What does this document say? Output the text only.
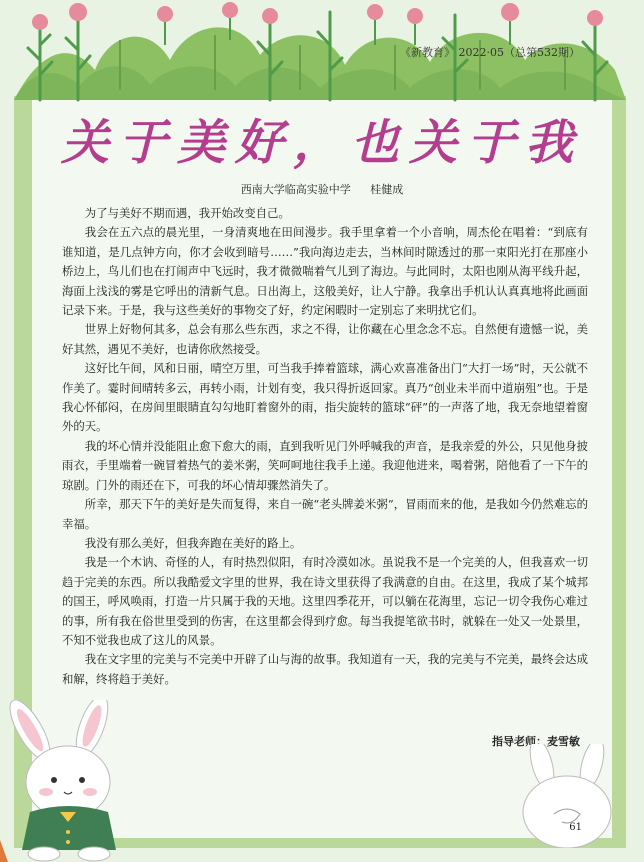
《新教育》 2022·05（总第532期）
关于美好，也关于我
西南大学临高实验中学 桂健成

为了与美好不期而遇，我开始改变自己。

我会在五六点的晨光里，一身清爽地在田间漫步。我手里拿着一个小音响，周杰伦在唱着：“到底有谁知道，是几点钟方向，你才会收到暗号……”我向海边走去，当林间时隙透过的那一束阳光打在那座小桥边上，鸟儿们也在打闹声中飞远时，我才微微喘着气儿到了海边。与此同时，太阳也刚从海平线升起，海面上浅浅的雾是它呼出的清新气息。日出海上，这般美好，让人宁静。我拿出手机认认真真地将此画面记录下来。于是，我与这些美好的事物交了好，约定闲暇时一定别忘了来明扰它们。

世界上好物何其多，总会有那么些东西，求之不得，让你藏在心里念念不忘。自然便有遗憾一说，美好其然，遇见不美好，也请你欣然接受。

这好比午间，风和日丽，晴空万里，可当我手捧着篮球，满心欢喜准备出门“大打一场”时，天公就不作美了。霎时间晴转多云，再转小雨，计划有变，我只得折返回家。真乃“创业未半而中道崩殂”也。于是我心怀郁闷，在房间里眼睛直勾勾地盯着窗外的雨，指尖旋转的篮球“砰”的一声落了地，我无奈地望着窗外的天。

我的坏心情并没能阻止愈下愈大的雨，直到我听见门外呼喊我的声音，是我亲爱的外公，只见他身披雨衣，手里端着一碗冒着热气的姜米粥，笑呵呵地往我手上递。我迎他进来，喝着粥，陪他看了一下午的琼剧。门外的雨还在下，可我的坏心情却骤然消失了。

所幸，那天下午的美好是失而复得，来自一碗“老头牌姜米粥”，冒雨而来的他，是我如今仍然难忘的幸福。

我没有那么美好，但我奔跑在美好的路上。

我是一个木讷、奇怪的人，有时热烈似阳，有时冷漠如冰。虽说我不是一个完美的人，但我喜欢一切趋于完美的东西。所以我酷爱文字里的世界，我在诗文里获得了我满意的自由。在这里，我成了某个城邦的国王，呼风唤雨，打造一片只属于我的天地。这里四季花开，可以躺在花海里，忘记一切令我伤心难过的事，所有我在俗世里受到的伤害，在这里都会得到疗愈。每当我提笔欲书时，就躲在一处又一处景里，不知不觉我也成了这儿的风景。

我在文字里的完美与不完美中开辟了山与海的故事。我知道有一天，我的完美与不完美，最终会达成和解，终将趋于美好。

指导老师：麦雪敏
61
